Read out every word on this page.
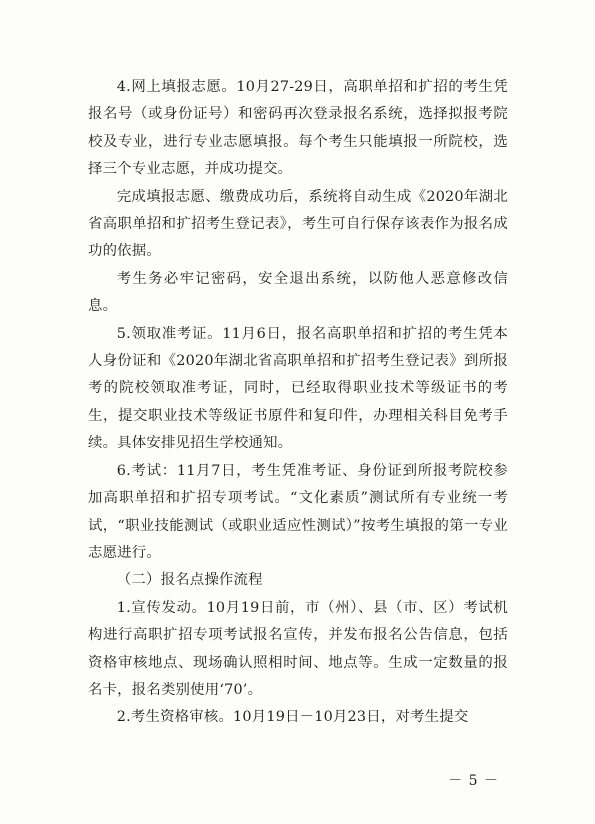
4.网上填报志愿。10月27-29日，高职单招和扩招的考生凭报名号（或身份证号）和密码再次登录报名系统，选择拟报考院校及专业，进行专业志愿填报。每个考生只能填报一所院校，选择三个专业志愿，并成功提交。

完成填报志愿、缴费成功后，系统将自动生成《2020年湖北省高职单招和扩招考生登记表》，考生可自行保存该表作为报名成功的依据。

考生务必牢记密码，安全退出系统，以防他人恶意修改信息。

5.领取准考证。11月6日，报名高职单招和扩招的考生凭本人身份证和《2020年湖北省高职单招和扩招考生登记表》到所报考的院校领取准考证，同时，已经取得职业技术等级证书的考生，提交职业技术等级证书原件和复印件，办理相关科目免考手续。具体安排见招生学校通知。

6.考试：11月7日，考生凭准考证、身份证到所报考院校参加高职单招和扩招专项考试。“文化素质”测试所有专业统一考试，“职业技能测试（或职业适应性测试）”按考生填报的第一专业志愿进行。

（二）报名点操作流程

1.宣传发动。10月19日前，市（州）、县（市、区）考试机构进行高职扩招专项考试报名宣传，并发布报名公告信息，包括资格审核地点、现场确认照相时间、地点等。生成一定数量的报名卡，报名类别使用‘70’。

2.考生资格审核。10月19日－10月23日，对考生提交

－ 5 －
